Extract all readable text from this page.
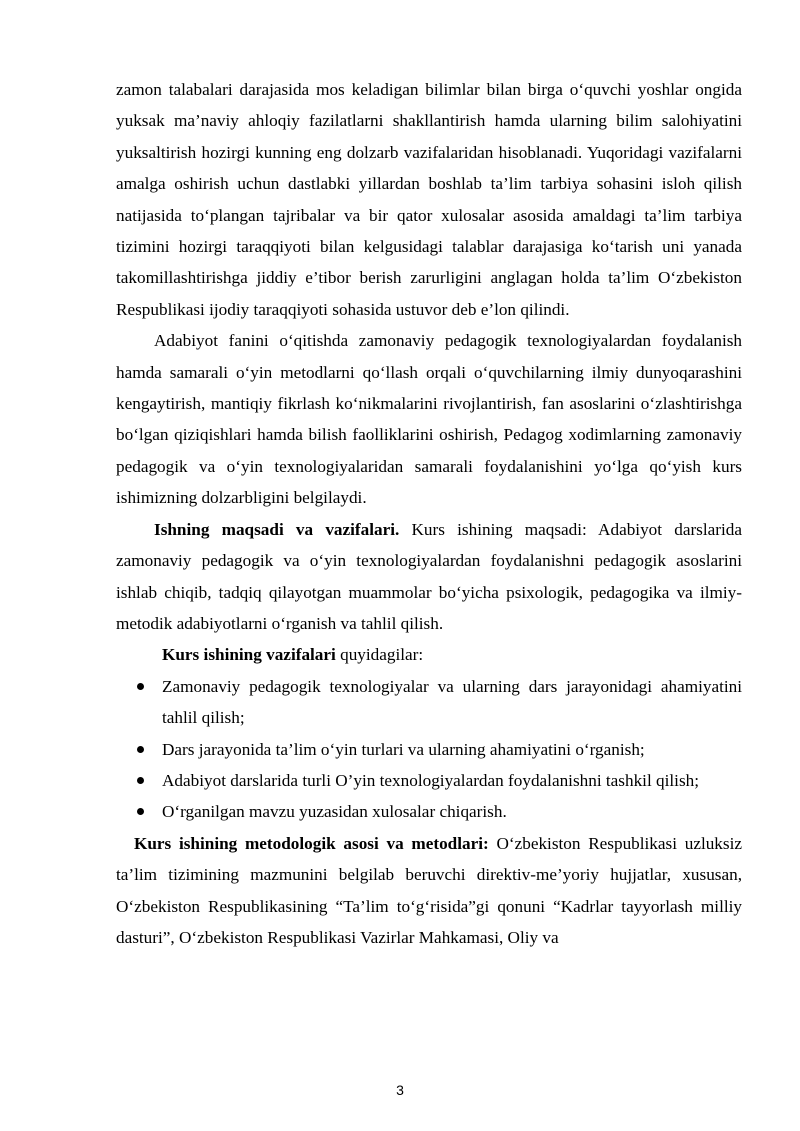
zamon talabalari darajasida mos keladigan bilimlar bilan birga o‘quvchi yoshlar ongida yuksak ma’naviy ahloqiy fazilatlarni shakllantirish hamda ularning bilim salohiyatini yuksaltirish hozirgi kunning eng dolzarb vazifalaridan hisoblanadi. Yuqoridagi vazifalarni amalga oshirish uchun dastlabki yillardan boshlab ta’lim tarbiya sohasini isloh qilish natijasida to‘plangan tajribalar va bir qator xulosalar asosida amaldagi ta’lim tarbiya tizimini hozirgi taraqqiyoti bilan kelgusidagi talablar darajasiga ko‘tarish uni yanada takomillashtirishga jiddiy e’tibor berish zarurligini anglagan holda ta’lim O‘zbekiston Respublikasi ijodiy taraqqiyoti sohasida ustuvor deb e’lon qilindi.

Adabiyot fanini o‘qitishda zamonaviy pedagogik texnologiyalardan foydalanish hamda samarali o‘yin metodlarni qo‘llash orqali o‘quvchilarning ilmiy dunyoqarashini kengaytirish, mantiqiy fikrlash ko‘nikmalarini rivojlantirish, fan asoslarini o‘zlashtirishga bo‘lgan qiziqishlari hamda bilish faolliklarini oshirish, Pedagog xodimlarning zamonaviy pedagogik va o‘yin texnologiyalaridan samarali foydalanishini yo‘lga qo‘yish kurs ishimizning dolzarbligini belgilaydi.

Ishning maqsadi va vazifalari. Kurs ishining maqsadi: Adabiyot darslarida zamonaviy pedagogik va o‘yin texnologiyalardan foydalanishni pedagogik asoslarini ishlab chiqib, tadqiq qilayotgan muammolar bo‘yicha psixologik, pedagogika va ilmiy-metodik adabiyotlarni o‘rganish va tahlil qilish.

Kurs ishining vazifalari quyidagilar:

Zamonaviy pedagogik texnologiyalar va ularning dars jarayonidagi ahamiyatini tahlil qilish;
Dars jarayonida ta’lim o‘yin turlari va ularning ahamiyatini o‘rganish;
Adabiyot darslarida turli O’yin texnologiyalardan foydalanishni tashkil qilish;
O‘rganilgan mavzu yuzasidan xulosalar chiqarish.

Kurs ishining metodologik asosi va metodlari: O‘zbekiston Respublikasi uzluksiz ta’lim tizimining mazmunini belgilab beruvchi direktiv-me’yoriy hujjatlar, xususan, O‘zbekiston Respublikasining “Ta’lim to‘g‘risida”gi qonuni “Kadrlar tayyorlash milliy dasturi”, O‘zbekiston Respublikasi Vazirlar Mahkamasi, Oliy va

3
